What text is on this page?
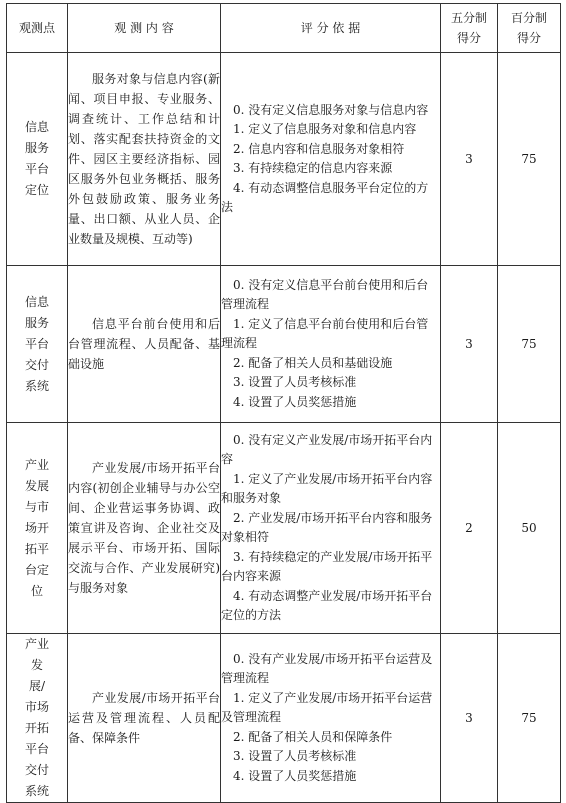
观测点	观 测 内 容	评 分 依 据	五分制得分	百分制得分

信息服务平台定位	服务对象与信息内容(新闻、项目申报、专业服务、调查统计、工作总结和计划、落实配套扶持资金的文件、园区主要经济指标、园区服务外包业务概括、服务外包鼓励政策、服务业务量、出口额、从业人员、企业数量及规模、互动等)	0. 没有定义信息服务对象与信息内容
1. 定义了信息服务对象和信息内容
2. 信息内容和信息服务对象相符
3. 有持续稳定的信息内容来源
4. 有动态调整信息服务平台定位的方法	3	75

信息服务平台交付系统	信息平台前台使用和后台管理流程、人员配备、基础设施	0. 没有定义信息平台前台使用和后台管理流程
1. 定义了信息平台前台使用和后台管理流程
2. 配备了相关人员和基础设施
3. 设置了人员考核标准
4. 设置了人员奖惩措施	3	75

产业发展与市场开拓平台定位	产业发展/市场开拓平台内容(初创企业辅导与办公空间、企业营运事务协调、政策宣讲及咨询、企业社交及展示平台、市场开拓、国际交流与合作、产业发展研究)与服务对象	0. 没有定义产业发展/市场开拓平台内容
1. 定义了产业发展/市场开拓平台内容和服务对象
2. 产业发展/市场开拓平台内容和服务对象相符
3. 有持续稳定的产业发展/市场开拓平台内容来源
4. 有动态调整产业发展/市场开拓平台定位的方法	2	50

产业发展/市场开拓平台交付系统	产业发展/市场开拓平台运营及管理流程、人员配备、保障条件	0. 没有产业发展/市场开拓平台运营及管理流程
1. 定义了产业发展/市场开拓平台运营及管理流程
2. 配备了相关人员和保障条件
3. 设置了人员考核标准
4. 设置了人员奖惩措施	3	75
